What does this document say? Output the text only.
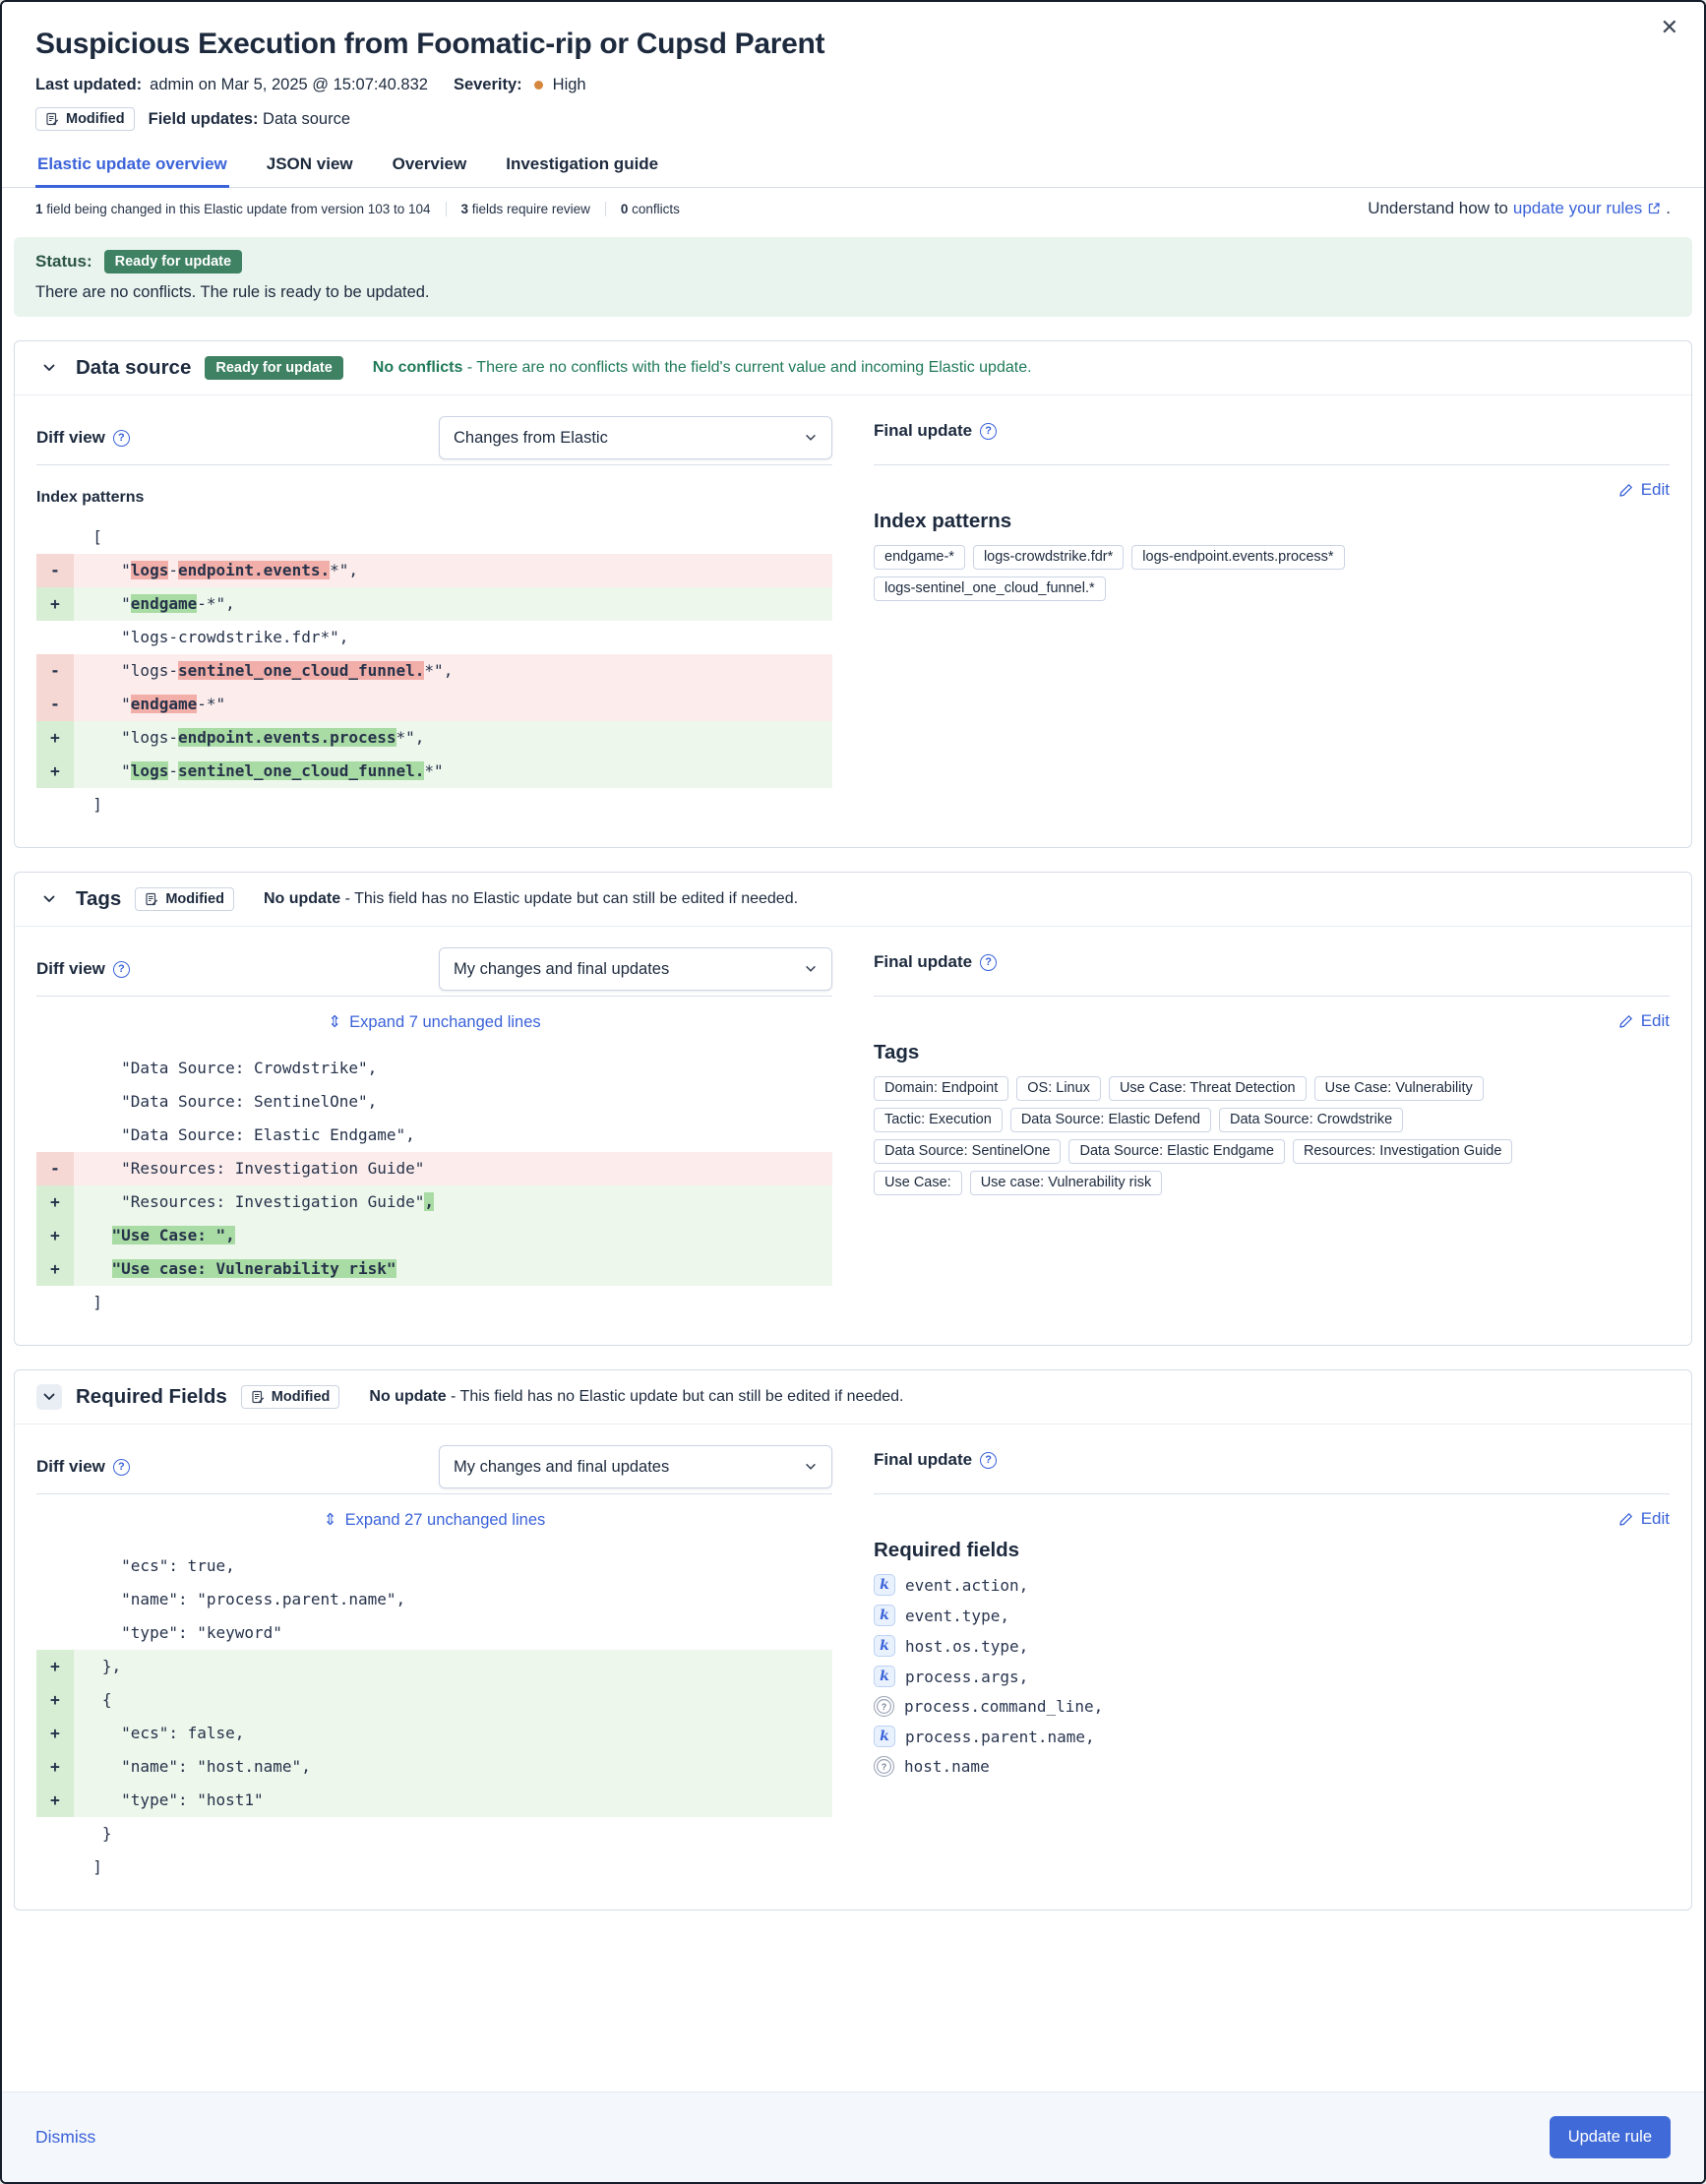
✕
Suspicious Execution from Foomatic-rip or Cupsd Parent
Last updated: admin on Mar 5, 2025 @ 15:07:40.832 Severity: High
Modified Field updates: Data source
Elastic update overview JSON view Overview Investigation guide
1 field being changed in this Elastic update from version 103 to 104	3 fields require review	0 conflicts	Understand how to update your rules .
Status:	Ready for update
There are no conflicts. The rule is ready to be updated.
Data source	Ready for update	No conflicts - There are no conflicts with the field's current value and incoming Elastic update.
Diff view	?	Changes from Elastic
Index patterns
[
- "logs-endpoint.events.*",
+ "endgame-*",
"logs-crowdstrike.fdr*",
- "logs-sentinel_one_cloud_funnel.*",
- "endgame-*"
+ "logs-endpoint.events.process*",
+ "logs-sentinel_one_cloud_funnel.*"
]
Final update	?
Edit
Index patterns
endgame-*	logs-crowdstrike.fdr*	logs-endpoint.events.process*
logs-sentinel_one_cloud_funnel.*
Tags	Modified	No update - This field has no Elastic update but can still be edited if needed.
Diff view	?	My changes and final updates
⇕ Expand 7 unchanged lines
"Data Source: Crowdstrike",
"Data Source: SentinelOne",
"Data Source: Elastic Endgame",
- "Resources: Investigation Guide"
+ "Resources: Investigation Guide",
+	"Use Case: ",
+	"Use case: Vulnerability risk"
]
Final update	?
Edit
Tags
Domain: Endpoint	OS: Linux	Use Case: Threat Detection	Use Case: Vulnerability
Tactic: Execution	Data Source: Elastic Defend	Data Source: Crowdstrike
Data Source: SentinelOne	Data Source: Elastic Endgame	Resources: Investigation Guide
Use Case:	Use case: Vulnerability risk
Required Fields	Modified	No update - This field has no Elastic update but can still be edited if needed.
Diff view	?	My changes and final updates
⇕ Expand 27 unchanged lines
"ecs": true,
"name": "process.parent.name",
"type": "keyword"
+ },
+ {
+ "ecs": false,
+ "name": "host.name",
+ "type": "host1"
}
]
Final update	?
Edit
Required fields
k	event.action,
k	event.type,
k	host.os.type,
k	process.args,
?	process.command_line,
k	process.parent.name,
?	host.name
Dismiss	Update rule
